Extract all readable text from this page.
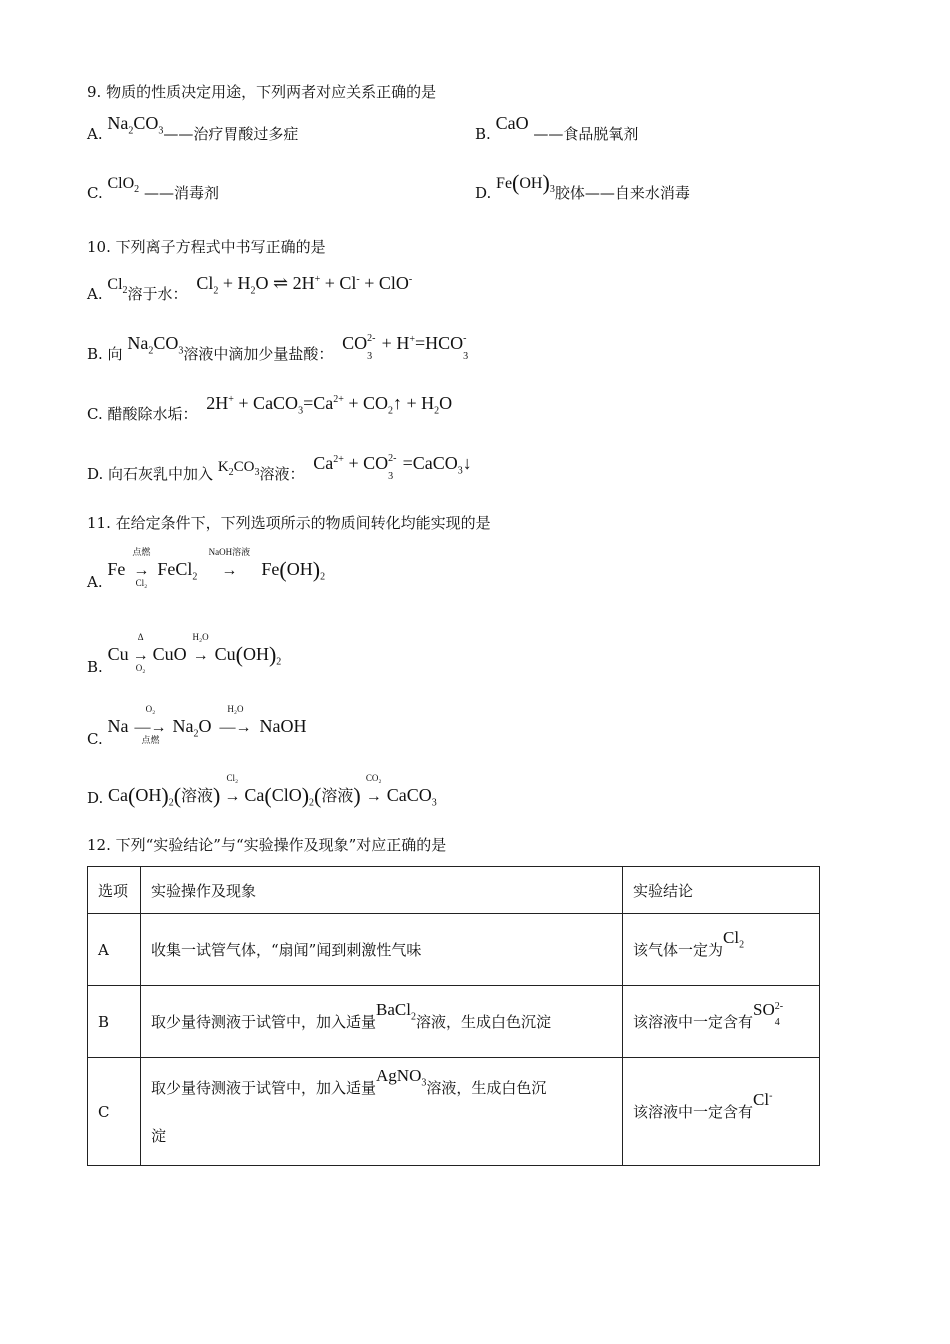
9. 物质的性质决定用途，下列两者对应关系正确的是
A. $Na_2CO_3——$治疗胃酸过多症	B. CaO ——食品脱氧剂
C. ClO$_2$ ——消毒剂	D. $Fe(OH)_3$胶体——自来水消毒
10. 下列离子方程式中书写正确的是
A. $Cl_2$溶于水： $Cl_2 + H_2O$ ⇌ 2H+ + Cl- + ClO-
B. 向 $Na_2CO_3$溶液中滴加少量盐酸： CO 2-
3
+ H+=HCO -
3
C. 醋酸除水垢： $2H^+ + CaCO_3=Ca^{2+}$ + $CO_2↑ + H_2O$
D. 向石灰乳中加入 $K_2CO_3$溶液： $Ca^{2+}$ + CO 2-
3
=CaCO$_3$↓
11. 在给定条件下，下列选项所示的物质间转化均能实现的是
A. Fe
点燃
→
Cl₂
FeCl$_2$
NaOH溶液
→ $Fe(OH)_2$
B. Cu
Δ
→
O₂
CuO
H₂O
→ $Cu(OH)_2$
C. Na
O₂
—→
点燃
$Na_2O$
H₂O
—→ NaOH
D. $Ca(OH)_2$(溶液)
Cl₂
→ $Ca(ClO)_2$(溶液)
CO₂
→ CaCO$_3$
12. 下列“实验结论”与“实验操作及现象”对应正确的是
选项	实验操作及现象	实验结论
A	收集一试管气体，“扇闻”闻到刺激性气味	该气体一定为$Cl_2$
B	取少量待测液于试管中，加入适量BaCl$_2$溶液，生成白色沉淀	该溶液中一定含有SO 2-
4

C	取少量待测液于试管中，加入适量AgNO$_3$溶液，生成白色沉
淀	该溶液中一定含有Cl-
